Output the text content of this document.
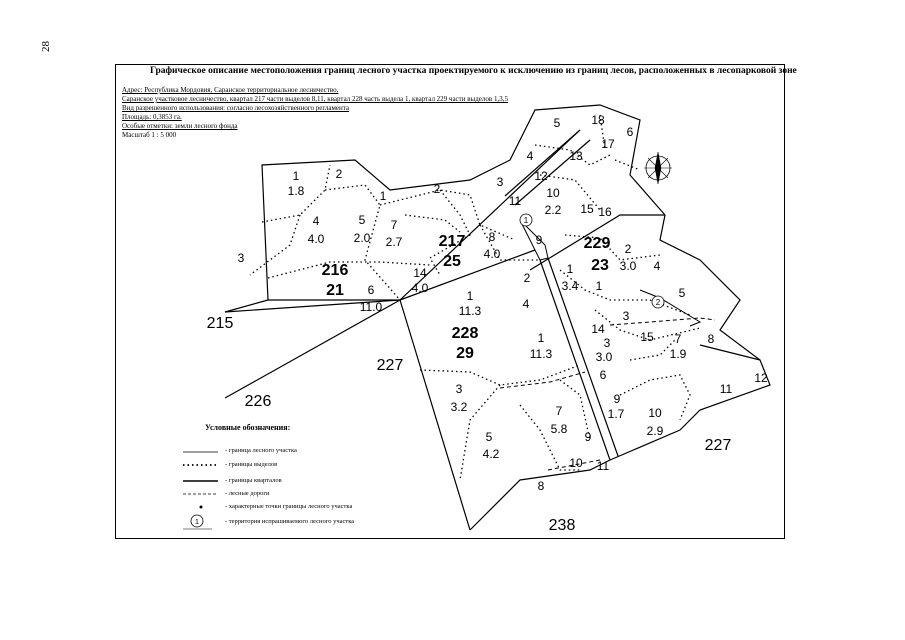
28
Графическое описание местоположения границ лесного участка проектируемого к исключению из границ лесов, расположенных в лесопарковой зоне
Адрес: Республика Мордовия, Саранское территориальное лесничество,
Саранское участковое лесничество, квартал 217 части выделов 8,11, квартал 228 часть выдела 1, квартал 229 части выделов 1,3,5
Вид разрешенного использования: согласно лесохозяйственного регламента
Площадь: 0,3853 га.
Особые отметки: земли лесного фонда
Масштаб 1 : 5 000
216
21
217
25
228
29
229
23
215
227
226
238
227
1
1.8
2
4
4.0
5
2.0
3
6
11.0
1
7
2.7
2
14
4.0
8
4.0
3
11
9
4
5	18
6
17
13
12
10
2.2 15 16
2
3.0
1
3.4 1
4
5
3
2
4
1
11.3
1
11.3
14
15 7
1.9
8
3
3.0
6
9
1.7 10
2.9
11
12
3
3.2	7
5.8
9
5
4.2
10 11
8
1
2
Условные обозначения:
1
- граница лесного участка
- границы выделов
- границы кварталов
- лесные дороги
- характерные точки границы лесного участка
- территория испрашиваемого лесного участка
